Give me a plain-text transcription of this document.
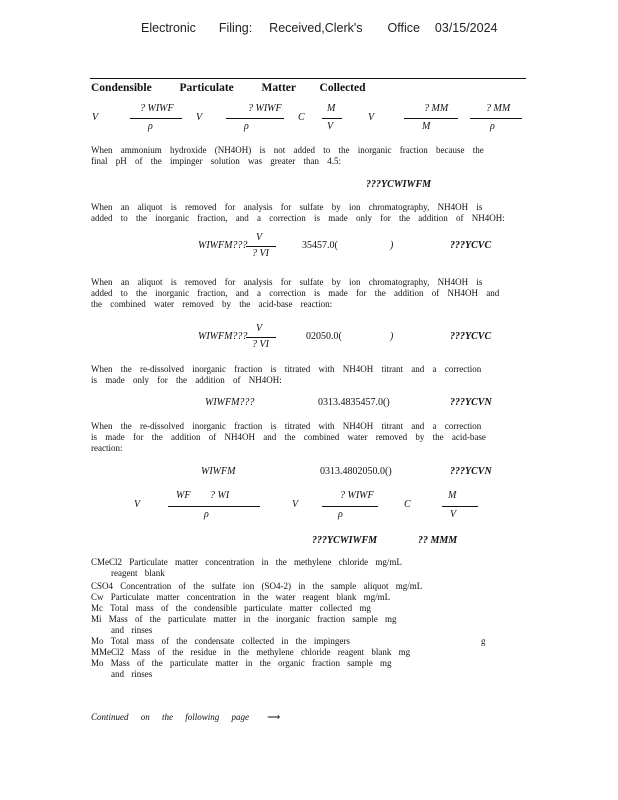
Electronic Filing: Received,Clerk's Office 03/15/2024
Condensible Particulate Matter Collected
V
? WIWF
ρ
V
? WIWF
ρ
C
M
V
V
? MM
M
? MM
ρ
When ammonium hydroxide (NH4OH) is not added to the inorganic fraction because the
final pH of the impinger solution was greater than 4.5:
???YCWIWFM
When an aliquot is removed for analysis for sulfate by ion chromatography, NH4OH is
added to the inorganic fraction, and a correction is made only for the addition of NH4OH:
WIWFM???
V
? VI
35457.0(	)	???YCVC
When an aliquot is removed for analysis for sulfate by ion chromatography, NH4OH is
added to the inorganic fraction, and a correction is made for the addition of NH4OH and
the combined water removed by the acid-base reaction:
WIWFM???
V
? VI
02050.0(	)	???YCVC
When the re-dissolved inorganic fraction is titrated with NH4OH titrant and a correction
is made only for the addition of NH4OH:
WIWFM???	0313.4835457.0()	???YCVN
When the re-dissolved inorganic fraction is titrated with NH4OH titrant and a correction
is made for the addition of NH4OH and the combined water removed by the acid-base
reaction:
WIWFM	0313.4802050.0()	???YCVN
V
WF ? WI
ρ
V
? WIWF
ρ
C
M
V
???YCWIWFM	?? MMM
CMeCl2 Particulate matter concentration in the methylene chloride mg/mL
reagent blank
CSO4 Concentration of the sulfate ion (SO4-2) in the sample aliquot mg/mL
Cw Particulate matter concentration in the water reagent blank mg/mL
Mc Total mass of the condensible particulate matter collected mg
Mi Mass of the particulate matter in the inorganic fraction sample mg
and rinses
Mo Total mass of the condensate collected in the impingers	g
MMeCl2 Mass of the residue in the methylene chloride reagent blank mg
Mo Mass of the particulate matter in the organic fraction sample mg
and rinses
Continued on the following page ⟶
